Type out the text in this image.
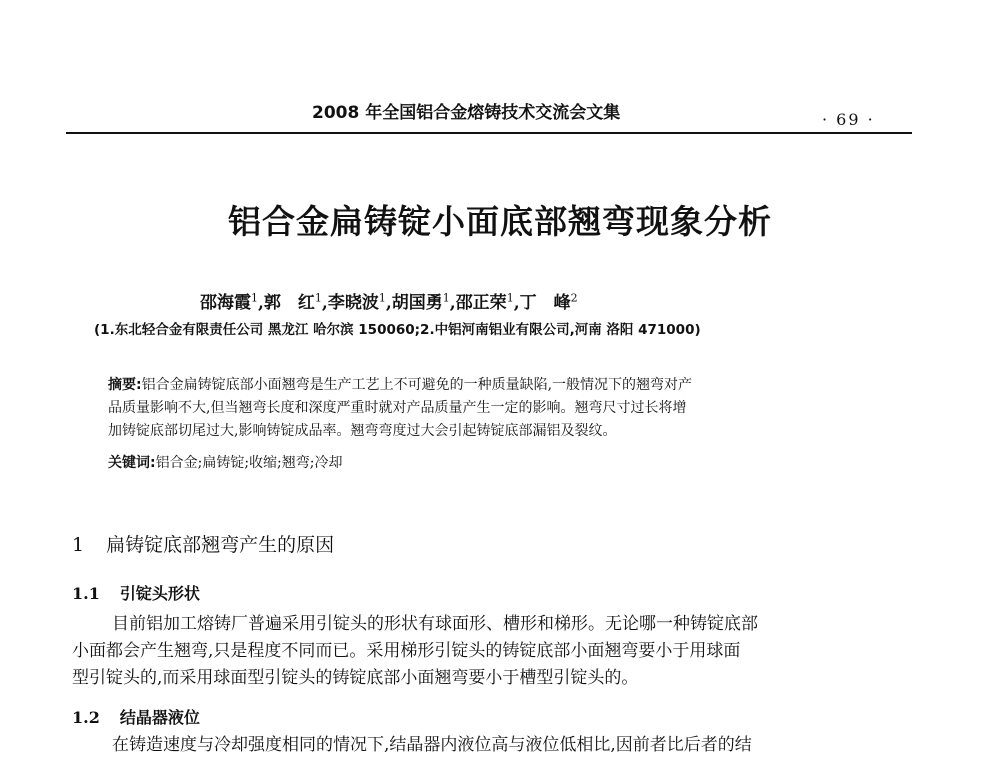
2008 年全国铝合金熔铸技术交流会文集	· 69 ·
铝合金扁铸锭小面底部翘弯现象分析
邵海霞$^1$,郭　红$^1$,李晓波$^1$,胡国勇$^1$,邵正荣$^1$,丁　峰$^2$
(1.东北轻合金有限责任公司 黑龙江 哈尔滨 150060;2.中铝河南铝业有限公司,河南 洛阳 471000)
摘要:铝合金扁铸锭底部小面翘弯是生产工艺上不可避免的一种质量缺陷,一般情况下的翘弯对产
品质量影响不大,但当翘弯长度和深度严重时就对产品质量产生一定的影响。翘弯尺寸过长将增
加铸锭底部切尾过大,影响铸锭成品率。翘弯弯度过大会引起铸锭底部漏铝及裂纹。
关键词:铝合金;扁铸锭;收缩;翘弯;冷却
1 扁铸锭底部翘弯产生的原因
1.1 引锭头形状
目前铝加工熔铸厂普遍采用引锭头的形状有球面形、槽形和梯形。无论哪一种铸锭底部
小面都会产生翘弯,只是程度不同而已。采用梯形引锭头的铸锭底部小面翘弯要小于用球面
型引锭头的,而采用球面型引锭头的铸锭底部小面翘弯要小于槽型引锭头的。
1.2 结晶器液位
在铸造速度与冷却强度相同的情况下,结晶器内液位高与液位低相比,因前者比后者的结
